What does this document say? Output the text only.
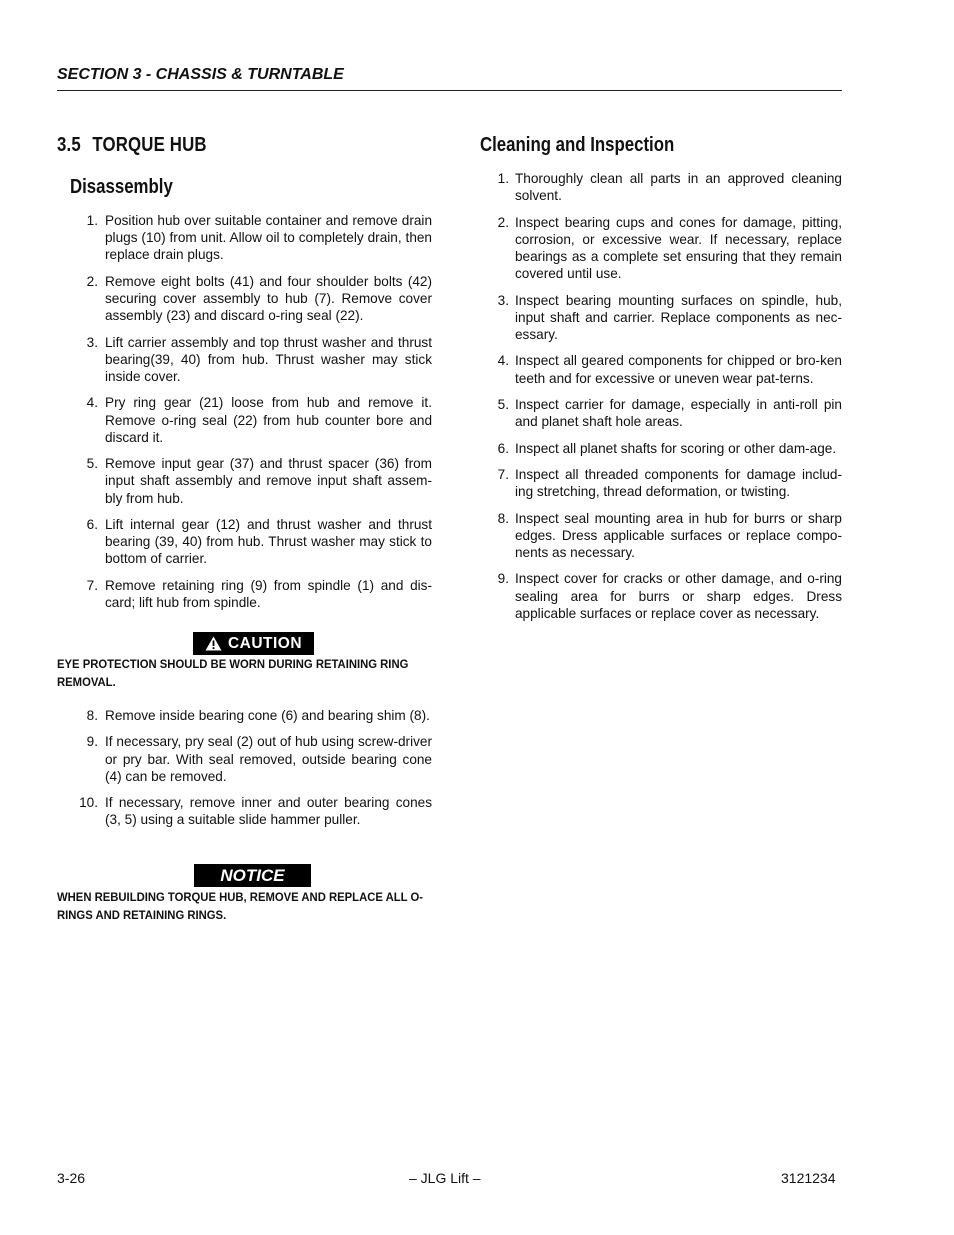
SECTION 3 - CHASSIS & TURNTABLE
3.5 TORQUE HUB
Disassembly
1. Position hub over suitable container and remove drain plugs (10) from unit. Allow oil to completely drain, then replace drain plugs.
2. Remove eight bolts (41) and four shoulder bolts (42) securing cover assembly to hub (7). Remove cover assembly (23) and discard o-ring seal (22).
3. Lift carrier assembly and top thrust washer and thrust bearing(39, 40) from hub. Thrust washer may stick inside cover.
4. Pry ring gear (21) loose from hub and remove it. Remove o-ring seal (22) from hub counter bore and discard it.
5. Remove input gear (37) and thrust spacer (36) from input shaft assembly and remove input shaft assem-bly from hub.
6. Lift internal gear (12) and thrust washer and thrust bearing (39, 40) from hub. Thrust washer may stick to bottom of carrier.
7. Remove retaining ring (9) from spindle (1) and dis-card; lift hub from spindle.
CAUTION
EYE PROTECTION SHOULD BE WORN DURING RETAINING RING REMOVAL.
8. Remove inside bearing cone (6) and bearing shim (8).
9. If necessary, pry seal (2) out of hub using screw-driver or pry bar. With seal removed, outside bearing cone (4) can be removed.
10. If necessary, remove inner and outer bearing cones (3, 5) using a suitable slide hammer puller.
NOTICE
WHEN REBUILDING TORQUE HUB, REMOVE AND REPLACE ALL O-RINGS AND RETAINING RINGS.
Cleaning and Inspection
1. Thoroughly clean all parts in an approved cleaning solvent.
2. Inspect bearing cups and cones for damage, pitting, corrosion, or excessive wear. If necessary, replace bearings as a complete set ensuring that they remain covered until use.
3. Inspect bearing mounting surfaces on spindle, hub, input shaft and carrier. Replace components as nec-essary.
4. Inspect all geared components for chipped or bro-ken teeth and for excessive or uneven wear pat-terns.
5. Inspect carrier for damage, especially in anti-roll pin and planet shaft hole areas.
6. Inspect all planet shafts for scoring or other dam-age.
7. Inspect all threaded components for damage includ-ing stretching, thread deformation, or twisting.
8. Inspect seal mounting area in hub for burrs or sharp edges. Dress applicable surfaces or replace compo-nents as necessary.
9. Inspect cover for cracks or other damage, and o-ring sealing area for burrs or sharp edges. Dress applicable surfaces or replace cover as necessary.
3-26	– JLG Lift –	3121234
